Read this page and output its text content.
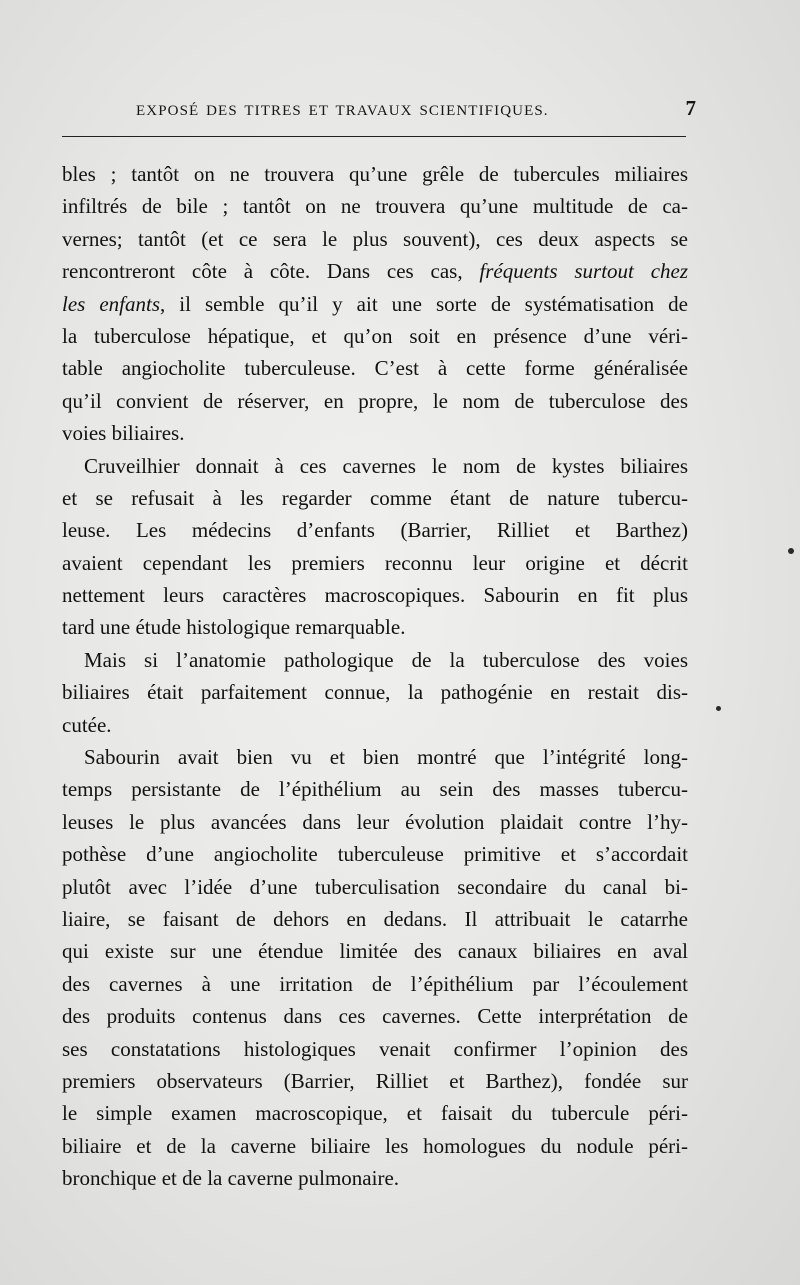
EXPOSÉ DES TITRES ET TRAVAUX SCIENTIFIQUES.	7
bles ; tantôt on ne trouvera qu’une grêle de tubercules miliaires
infiltrés de bile ; tantôt on ne trouvera qu’une multitude de ca-
vernes; tantôt (et ce sera le plus souvent), ces deux aspects se
rencontreront côte à côte. Dans ces cas, fréquents surtout chez
les enfants, il semble qu’il y ait une sorte de systématisation de
la tuberculose hépatique, et qu’on soit en présence d’une véri-
table angiocholite tuberculeuse. C’est à cette forme généralisée
qu’il convient de réserver, en propre, le nom de tuberculose des
voies biliaires.
Cruveilhier donnait à ces cavernes le nom de kystes biliaires
et se refusait à les regarder comme étant de nature tubercu-
leuse. Les médecins d’enfants (Barrier, Rilliet et Barthez)
avaient cependant les premiers reconnu leur origine et décrit
nettement leurs caractères macroscopiques. Sabourin en fit plus
tard une étude histologique remarquable.
Mais si l’anatomie pathologique de la tuberculose des voies
biliaires était parfaitement connue, la pathogénie en restait dis-
cutée.
Sabourin avait bien vu et bien montré que l’intégrité long-
temps persistante de l’épithélium au sein des masses tubercu-
leuses le plus avancées dans leur évolution plaidait contre l’hy-
pothèse d’une angiocholite tuberculeuse primitive et s’accordait
plutôt avec l’idée d’une tuberculisation secondaire du canal bi-
liaire, se faisant de dehors en dedans. Il attribuait le catarrhe
qui existe sur une étendue limitée des canaux biliaires en aval
des cavernes à une irritation de l’épithélium par l’écoulement
des produits contenus dans ces cavernes. Cette interprétation de
ses constatations histologiques venait confirmer l’opinion des
premiers observateurs (Barrier, Rilliet et Barthez), fondée sur
le simple examen macroscopique, et faisait du tubercule péri-
biliaire et de la caverne biliaire les homologues du nodule péri-
bronchique et de la caverne pulmonaire.
